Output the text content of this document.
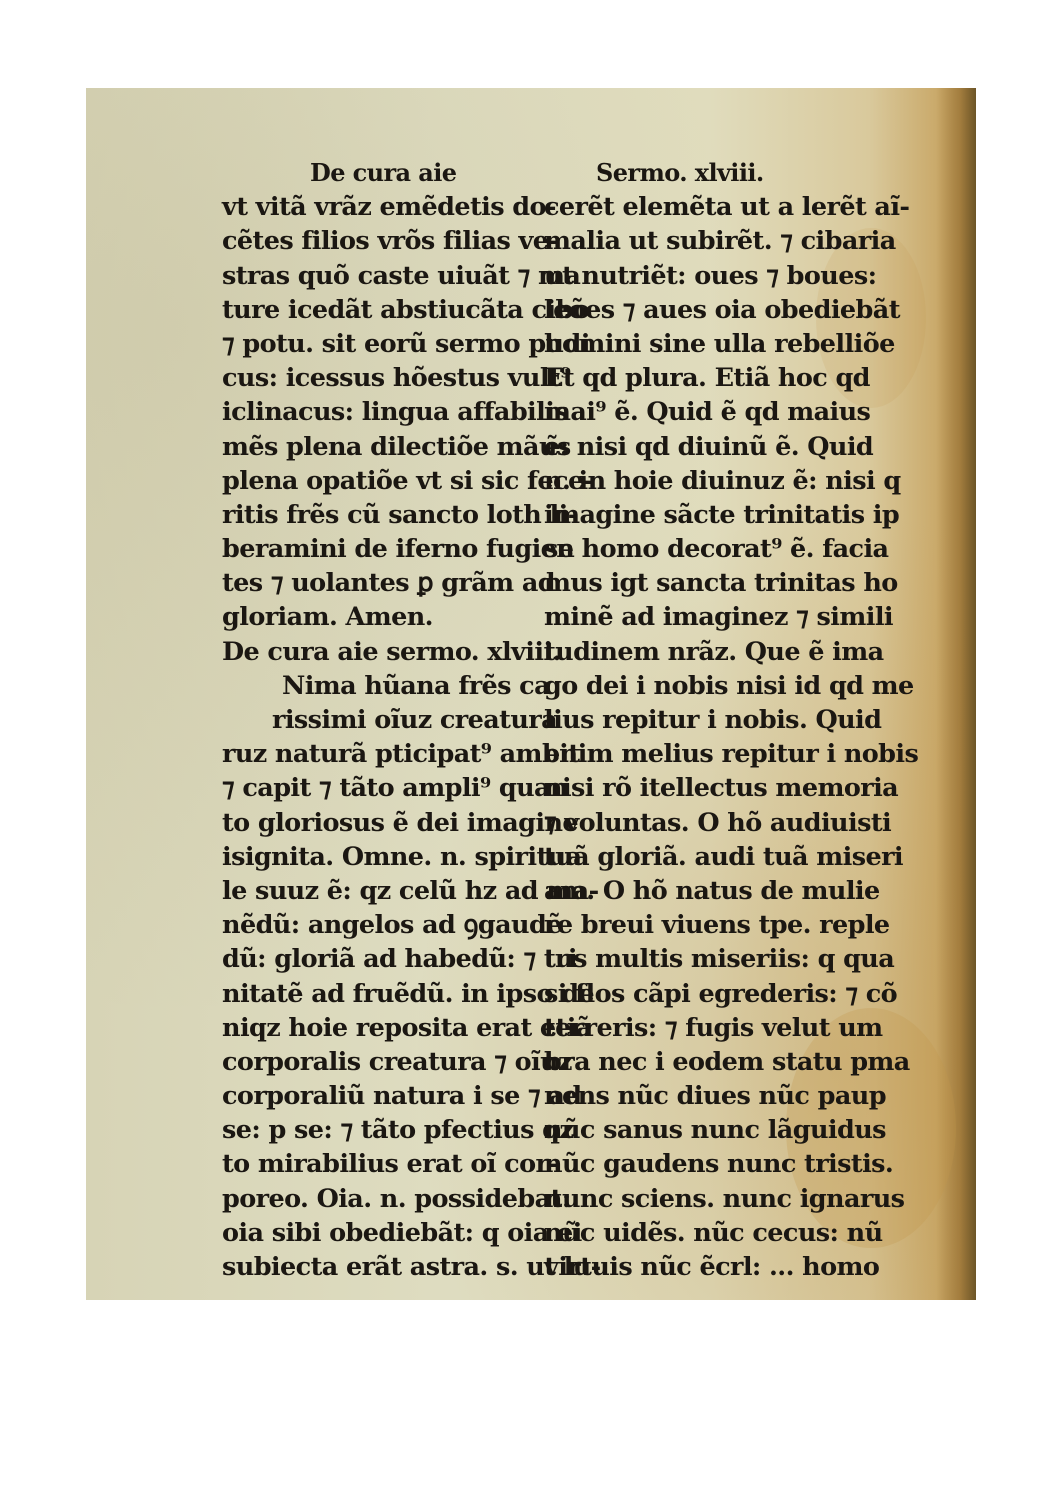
De cura aie
vt vitã vrãz emẽdetis do-
cẽtes filios vrõs filias ve-
stras quõ caste uiuãt ⁊ ma
ture icedãt abstiucãta cibo
⁊ potu. sit eorũ sermo pudi
cus: icessus hõestus vult⁹
iclinacus: lingua affabilis
mẽs plena dilectiõe mãus
plena opatiõe vt si sic fece-
ritis frẽs cũ sancto loth li-
beramini de iferno fugien
tes ⁊ uolantes ꝑ grãm ad
gloriam. Amen.
De cura aie sermo. xlviii.
Nima hũana frẽs ca
rissimi oĩuz creatura
ruz naturã pticipat⁹ ambit
⁊ capit ⁊ tãto ampli⁹ quan
to gloriosus ẽ dei imagine
isignita. Omne. n. spiritua
le suuz ẽ: qz celũ hz ad ma-
nẽdũ: angelos ad ꝯgaudẽ
dũ: gloriã ad habedũ: ⁊ tri
nitatẽ ad fruẽdũ. in ipso de
niqz hoie reposita erat etiã
corporalis creatura ⁊ oĩuz
corporaliũ natura i se ⁊ ad
se: p se: ⁊ tãto pfectius qz
to mirabilius erat oĩ cor-
poreo. Oia. n. possidebat:
oia sibi obediebãt: q oia ei
subiecta erãt astra. s. ut lu-
Sermo. xlviii.
cerẽt elemẽta ut a lerẽt aĩ-
malia ut subirẽt. ⁊ cibaria
ut nutriẽt: oues ⁊ boues:
leões ⁊ aues oia obediebãt
homini sine ulla rebelliõe
Et qd plura. Etiã hoc qd
mai⁹ ẽ. Quid ẽ qd maius
ẽ: nisi qd diuinũ ẽ. Quid
n. in hoie diuinuz ẽ: nisi q
imagine sãcte trinitatis ip
se homo decorat⁹ ẽ. facia
mus igt sancta trinitas ho
minẽ ad imaginez ⁊ simili
tudinem nrãz. Que ẽ ima
go dei i nobis nisi id qd me
lius repitur i nobis. Quid
enim melius repitur i nobis
nisi rõ itellectus memoria
⁊ voluntas. O hõ audiuisti
tuã gloriã. audi tuã miseri
am. O hõ natus de mulie
re breui viuens tpe. reple
tus multis miseriis: q qua
si flos cãpi egrederis: ⁊ cõ
terreris: ⁊ fugis velut um
bra nec i eodem statu pma
nens nũc diues nũc paup
nũc sanus nunc lãguidus
nũc gaudens nunc tristis.
nunc sciens. nunc ignarus
nũc uidẽs. nũc cecus: nũ
virtuis nũc ẽcrl: ... homo
